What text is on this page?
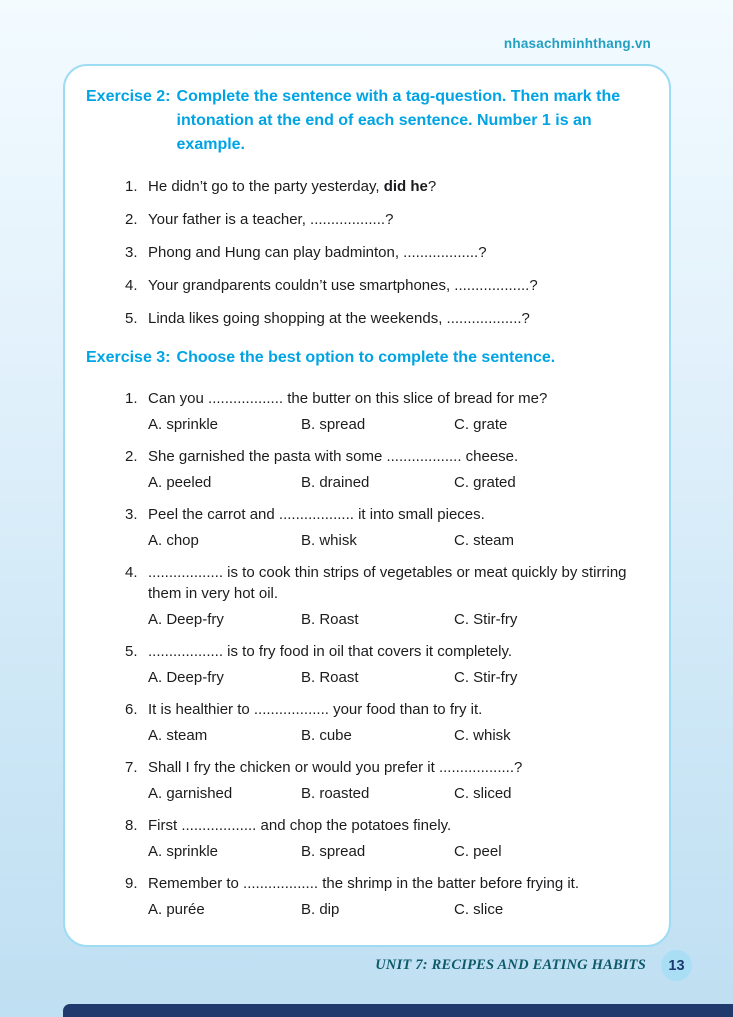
nhasachminhthang.vn
Exercise 2: Complete the sentence with a tag-question. Then mark the intonation at the end of each sentence. Number 1 is an example.
1. He didn’t go to the party yesterday, did he?
2. Your father is a teacher, ..................?
3. Phong and Hung can play badminton, ..................?
4. Your grandparents couldn’t use smartphones, ..................?
5. Linda likes going shopping at the weekends, ..................?
Exercise 3: Choose the best option to complete the sentence.
1. Can you .................. the butter on this slice of bread for me?
A. sprinkle	B. spread	C. grate
2. She garnished the pasta with some .................. cheese.
A. peeled	B. drained	C. grated
3. Peel the carrot and .................. it into small pieces.
A. chop	B. whisk	C. steam
4. .................. is to cook thin strips of vegetables or meat quickly by stirring them in very hot oil.
A. Deep-fry	B. Roast	C. Stir-fry
5. .................. is to fry food in oil that covers it completely.
A. Deep-fry	B. Roast	C. Stir-fry
6. It is healthier to .................. your food than to fry it.
A. steam	B. cube	C. whisk
7. Shall I fry the chicken or would you prefer it ..................?
A. garnished	B. roasted	C. sliced
8. First .................. and chop the potatoes finely.
A. sprinkle	B. spread	C. peel
9. Remember to .................. the shrimp in the batter before frying it.
A. purée	B. dip	C. slice
UNIT 7: RECIPES AND EATING HABITS	13
